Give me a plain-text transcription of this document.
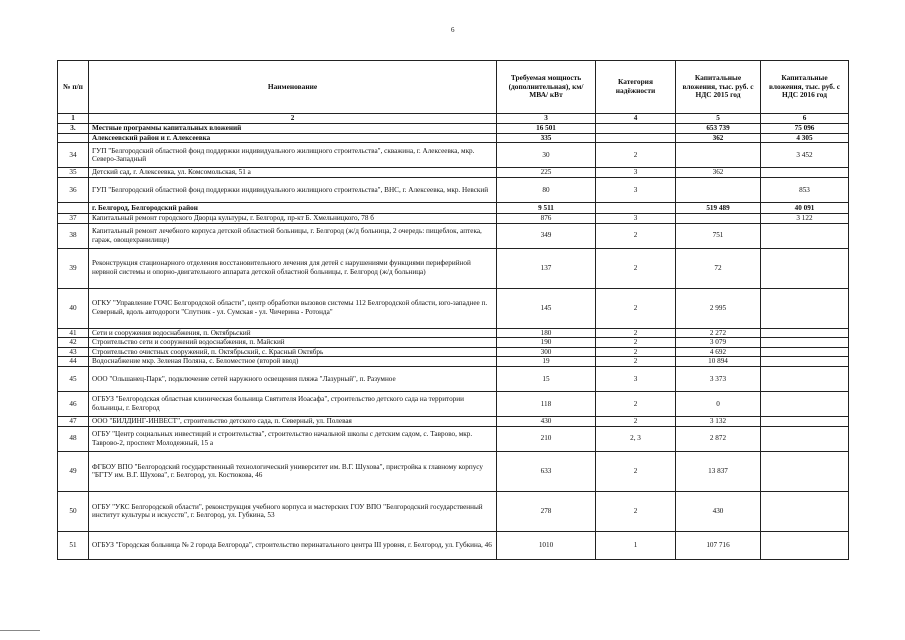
6
№ п/п	Наименование	Требуемая мощность (дополнительная), км/ МВА/ кВт	Категория надёжности	Капитальные вложения, тыс. руб. с НДС 2015 год	Капитальные вложения, тыс. руб. с НДС 2016 год
1	2	3	4	5	6
3.	Местные программы капитальных вложений	16 501		653 739	75 096
	Алексеевский район и г. Алексеевка	335		362	4 305
34	ГУП "Белгородский областной фонд поддержки индивидуального жилищного строительства", скважина, г. Алексеевка, мкр. Северо-Западный	30	2		3 452
35	Детский сад, г. Алексеевка, ул. Комсомольская, 51 а	225	3	362	
36	ГУП "Белгородский областной фонд поддержки индивидуального жилищного строительства", ВНС, г. Алексеевка, мкр. Невский	80	3		853
	г. Белгород, Белгородский район	9 511		519 489	40 091
37	Капитальный ремонт городского Дворца культуры, г. Белгород, пр-кт Б. Хмельницкого, 78 б	876	3		3 122
38	Капитальный ремонт лечебного корпуса детской областной больницы, г. Белгород (ж/д больница, 2 очередь: пищеблок, аптека, гараж, овощехранилище)	349	2	751	
39	Реконструкция стационарного отделения восстановительного лечения для детей с нарушениями функциями периферийной нервной системы и опорно-двигательного аппарата детской областной больницы, г. Белгород (ж/д больница)	137	2	72	
40	ОГКУ "Управление ГОЧС Белгородской области", центр обработки вызовов системы 112 Белгородской области, юго-западнее п. Северный, вдоль автодороги "Спутник - ул. Сумская - ул. Чичерина - Ротонда"	145	2	2 995	
41	Сети и сооружения водоснабжения, п. Октябрьский	180	2	2 272	
42	Строительство сети и сооружений водоснабжения, п. Майский	190	2	3 079	
43	Строительство очистных сооружений, п. Октябрьский, с. Красный Октябрь	300	2	4 692	
44	Водоснабжение мкр. Зеленая Поляна, с. Беломестное (второй ввод)	19	2	10 894	
45	ООО "Ольшанец-Парк", подключение сетей наружного освещения пляжа "Лазурный", п. Разумное	15	3	3 373	
46	ОГБУЗ "Белгородская областная клиническая больница Святителя Иоасафа", строительство детского сада на территории больницы, г. Белгород	118	2	0	
47	ООО "БИЛДИНГ-ИНВЕСТ", строительство детского сада, п. Северный, ул. Полевая	430	2	3 132	
48	ОГБУ "Центр социальных инвестиций и строительства", строительство начальной школы с детским садом, с. Таврово, мкр. Таврово-2, проспект Молодежный, 15 а	210	2, 3	2 872	
49	ФГБОУ ВПО "Белгородский государственный технологический университет им. В.Г. Шухова", пристройка к главному корпусу "БГТУ им. В.Г. Шухова", г. Белгород, ул. Костюкова, 46	633	2	13 837	
50	ОГБУ "УКС Белгородской области", реконструкция учебного корпуса и мастерских ГОУ ВПО "Белгородский государственный институт культуры и искусств", г. Белгород, ул. Губкина, 53	278	2	430	
51	ОГБУЗ "Городская больница № 2 города Белгорода", строительство перинатального центра III уровня, г. Белгород, ул. Губкина, 46	1010	1	107 716	
